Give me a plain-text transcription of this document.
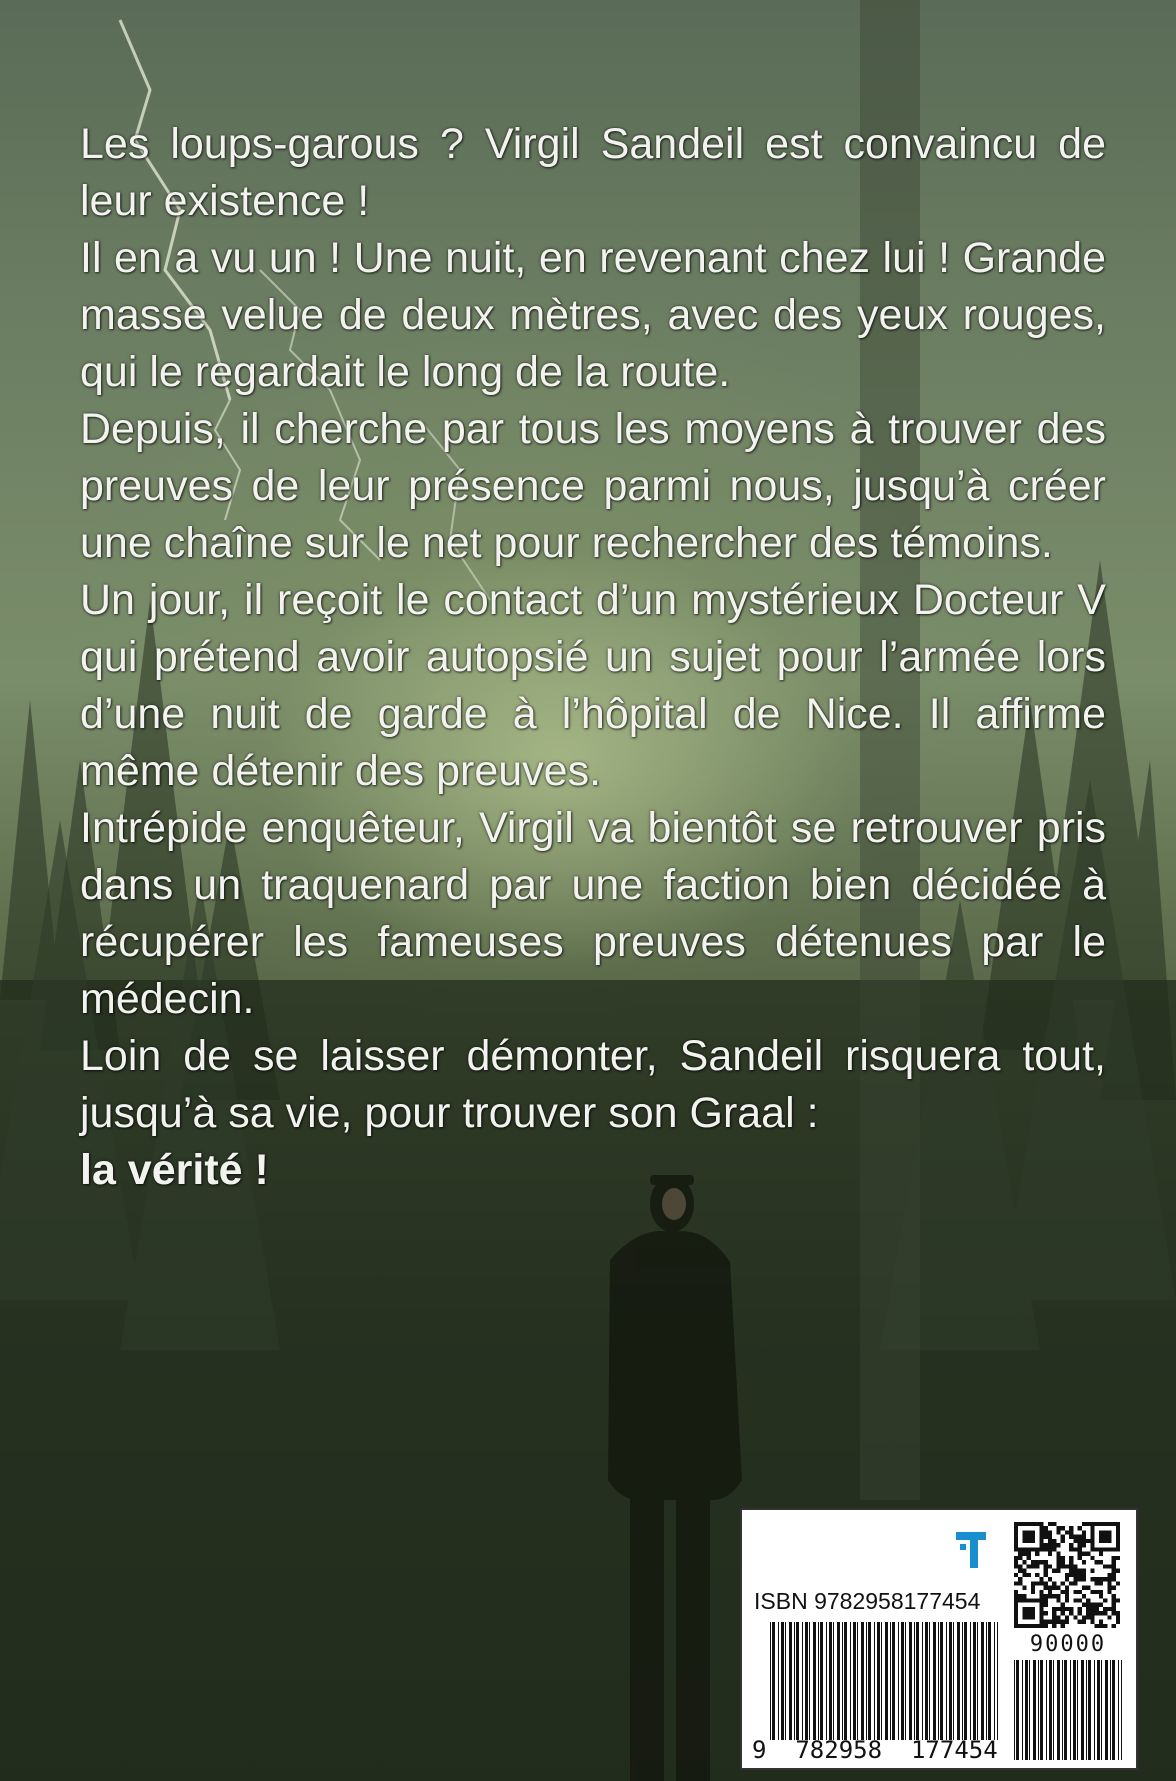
Les loups-garous ? Virgil Sandeil est convaincu de leur existence !

Il en a vu un ! Une nuit, en revenant chez lui ! Grande masse velue de deux mètres, avec des yeux rouges, qui le regardait le long de la route.

Depuis, il cherche par tous les moyens à trouver des preuves de leur présence parmi nous, jusqu’à créer une chaîne sur le net pour rechercher des témoins.

Un jour, il reçoit le contact d’un mystérieux Docteur V qui prétend avoir autopsié un sujet pour l’armée lors d’une nuit de garde à l’hôpital de Nice. Il affirme même détenir des preuves.

Intrépide enquêteur, Virgil va bientôt se retrouver pris dans un traquenard par une faction bien décidée à récupérer les fameuses preuves détenues par le médecin.

Loin de se laisser démonter, Sandeil risquera tout, jusqu’à sa vie, pour trouver son Graal :

la vérité !

ISBN 9782958177454
90000
9 782958 177454
